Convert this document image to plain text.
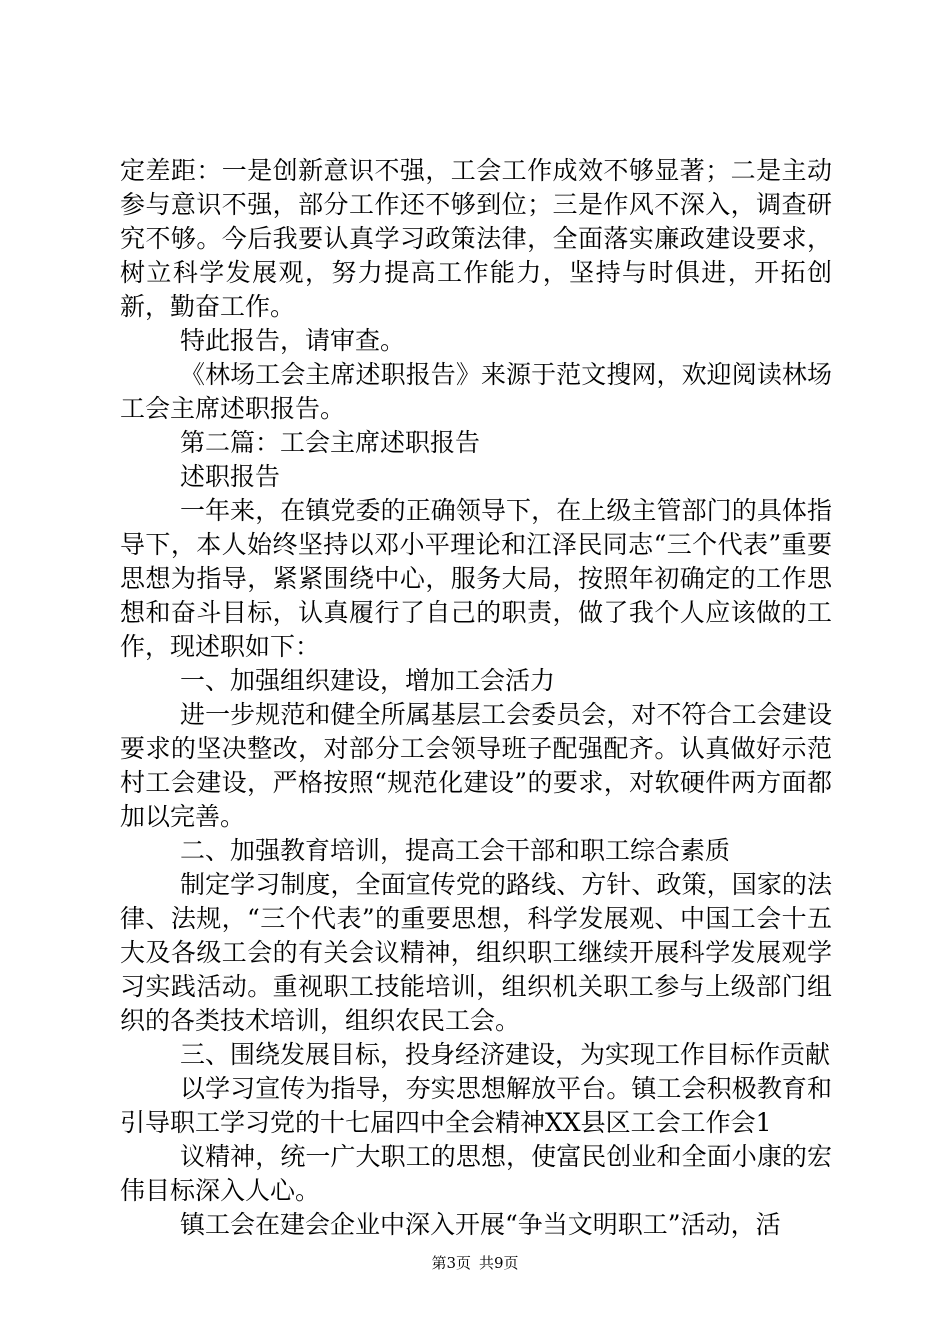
定差距：一是创新意识不强，工会工作成效不够显著；二是主动参与意识不强，部分工作还不够到位；三是作风不深入，调查研究不够。今后我要认真学习政策法律，全面落实廉政建设要求，树立科学发展观，努力提高工作能力，坚持与时俱进，开拓创新，勤奋工作。

特此报告，请审查。

《林场工会主席述职报告》来源于范文搜网，欢迎阅读林场工会主席述职报告。

第二篇：工会主席述职报告

述职报告

一年来，在镇党委的正确领导下，在上级主管部门的具体指导下，本人始终坚持以邓小平理论和江泽民同志“三个代表”重要思想为指导，紧紧围绕中心，服务大局，按照年初确定的工作思想和奋斗目标，认真履行了自己的职责，做了我个人应该做的工作，现述职如下：

一、加强组织建设，增加工会活力

进一步规范和健全所属基层工会委员会，对不符合工会建设要求的坚决整改，对部分工会领导班子配强配齐。认真做好示范村工会建设，严格按照“规范化建设”的要求，对软硬件两方面都加以完善。

二、加强教育培训，提高工会干部和职工综合素质

制定学习制度，全面宣传党的路线、方针、政策，国家的法律、法规，“三个代表”的重要思想，科学发展观、中国工会十五大及各级工会的有关会议精神，组织职工继续开展科学发展观学习实践活动。重视职工技能培训，组织机关职工参与上级部门组织的各类技术培训，组织农民工会。

三、围绕发展目标，投身经济建设，为实现工作目标作贡献

以学习宣传为指导，夯实思想解放平台。镇工会积极教育和引导职工学习党的十七届四中全会精神XX县区工会工作会1

议精神，统一广大职工的思想，使富民创业和全面小康的宏伟目标深入人心。

镇工会在建会企业中深入开展“争当文明职工”活动，活

第3页 共9页
